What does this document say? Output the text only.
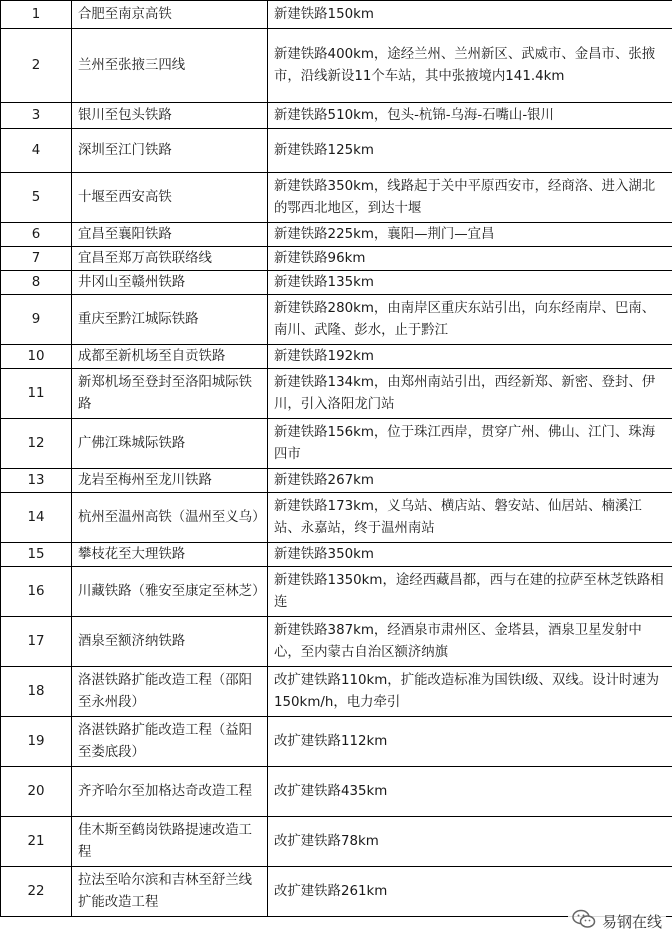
1	合肥至南京高铁	新建铁路150km
2	兰州至张掖三四线	新建铁路400km，途经兰州、兰州新区、武威市、金昌市、张掖市，沿线新设11个车站，其中张掖境内141.4km
3	银川至包头铁路	新建铁路510km，包头-杭锦-乌海-石嘴山-银川
4	深圳至江门铁路	新建铁路125km
5	十堰至西安高铁	新建铁路350km，线路起于关中平原西安市，经商洛、进入湖北的鄂西北地区，到达十堰
6	宜昌至襄阳铁路	新建铁路225km，襄阳—荆门—宜昌
7	宜昌至郑万高铁联络线	新建铁路96km
8	井冈山至赣州铁路	新建铁路135km
9	重庆至黔江城际铁路	新建铁路280km，由南岸区重庆东站引出，向东经南岸、巴南、南川、武隆、彭水，止于黔江
10	成都至新机场至自贡铁路	新建铁路192km
11	新郑机场至登封至洛阳城际铁路	新建铁路134km，由郑州南站引出，西经新郑、新密、登封、伊川，引入洛阳龙门站
12	广佛江珠城际铁路	新建铁路156km，位于珠江西岸，贯穿广州、佛山、江门、珠海四市
13	龙岩至梅州至龙川铁路	新建铁路267km
14	杭州至温州高铁（温州至义乌）	新建铁路173km，义乌站、横店站、磐安站、仙居站、楠溪江站、永嘉站，终于温州南站
15	攀枝花至大理铁路	新建铁路350km
16	川藏铁路（雅安至康定至林芝）	新建铁路1350km，途经西藏昌都，西与在建的拉萨至林芝铁路相连
17	酒泉至额济纳铁路	新建铁路387km，经酒泉市肃州区、金塔县，酒泉卫星发射中心，至内蒙古自治区额济纳旗
18	洛湛铁路扩能改造工程（邵阳至永州段）	改扩建铁路110km，扩能改造标准为国铁Ⅰ级、双线。设计时速为150km/h，电力牵引
19	洛湛铁路扩能改造工程（益阳至娄底段）	改扩建铁路112km
20	齐齐哈尔至加格达奇改造工程	改扩建铁路435km
21	佳木斯至鹤岗铁路提速改造工程	改扩建铁路78km
22	拉法至哈尔滨和吉林至舒兰线扩能改造工程	改扩建铁路261km
易钢在线
